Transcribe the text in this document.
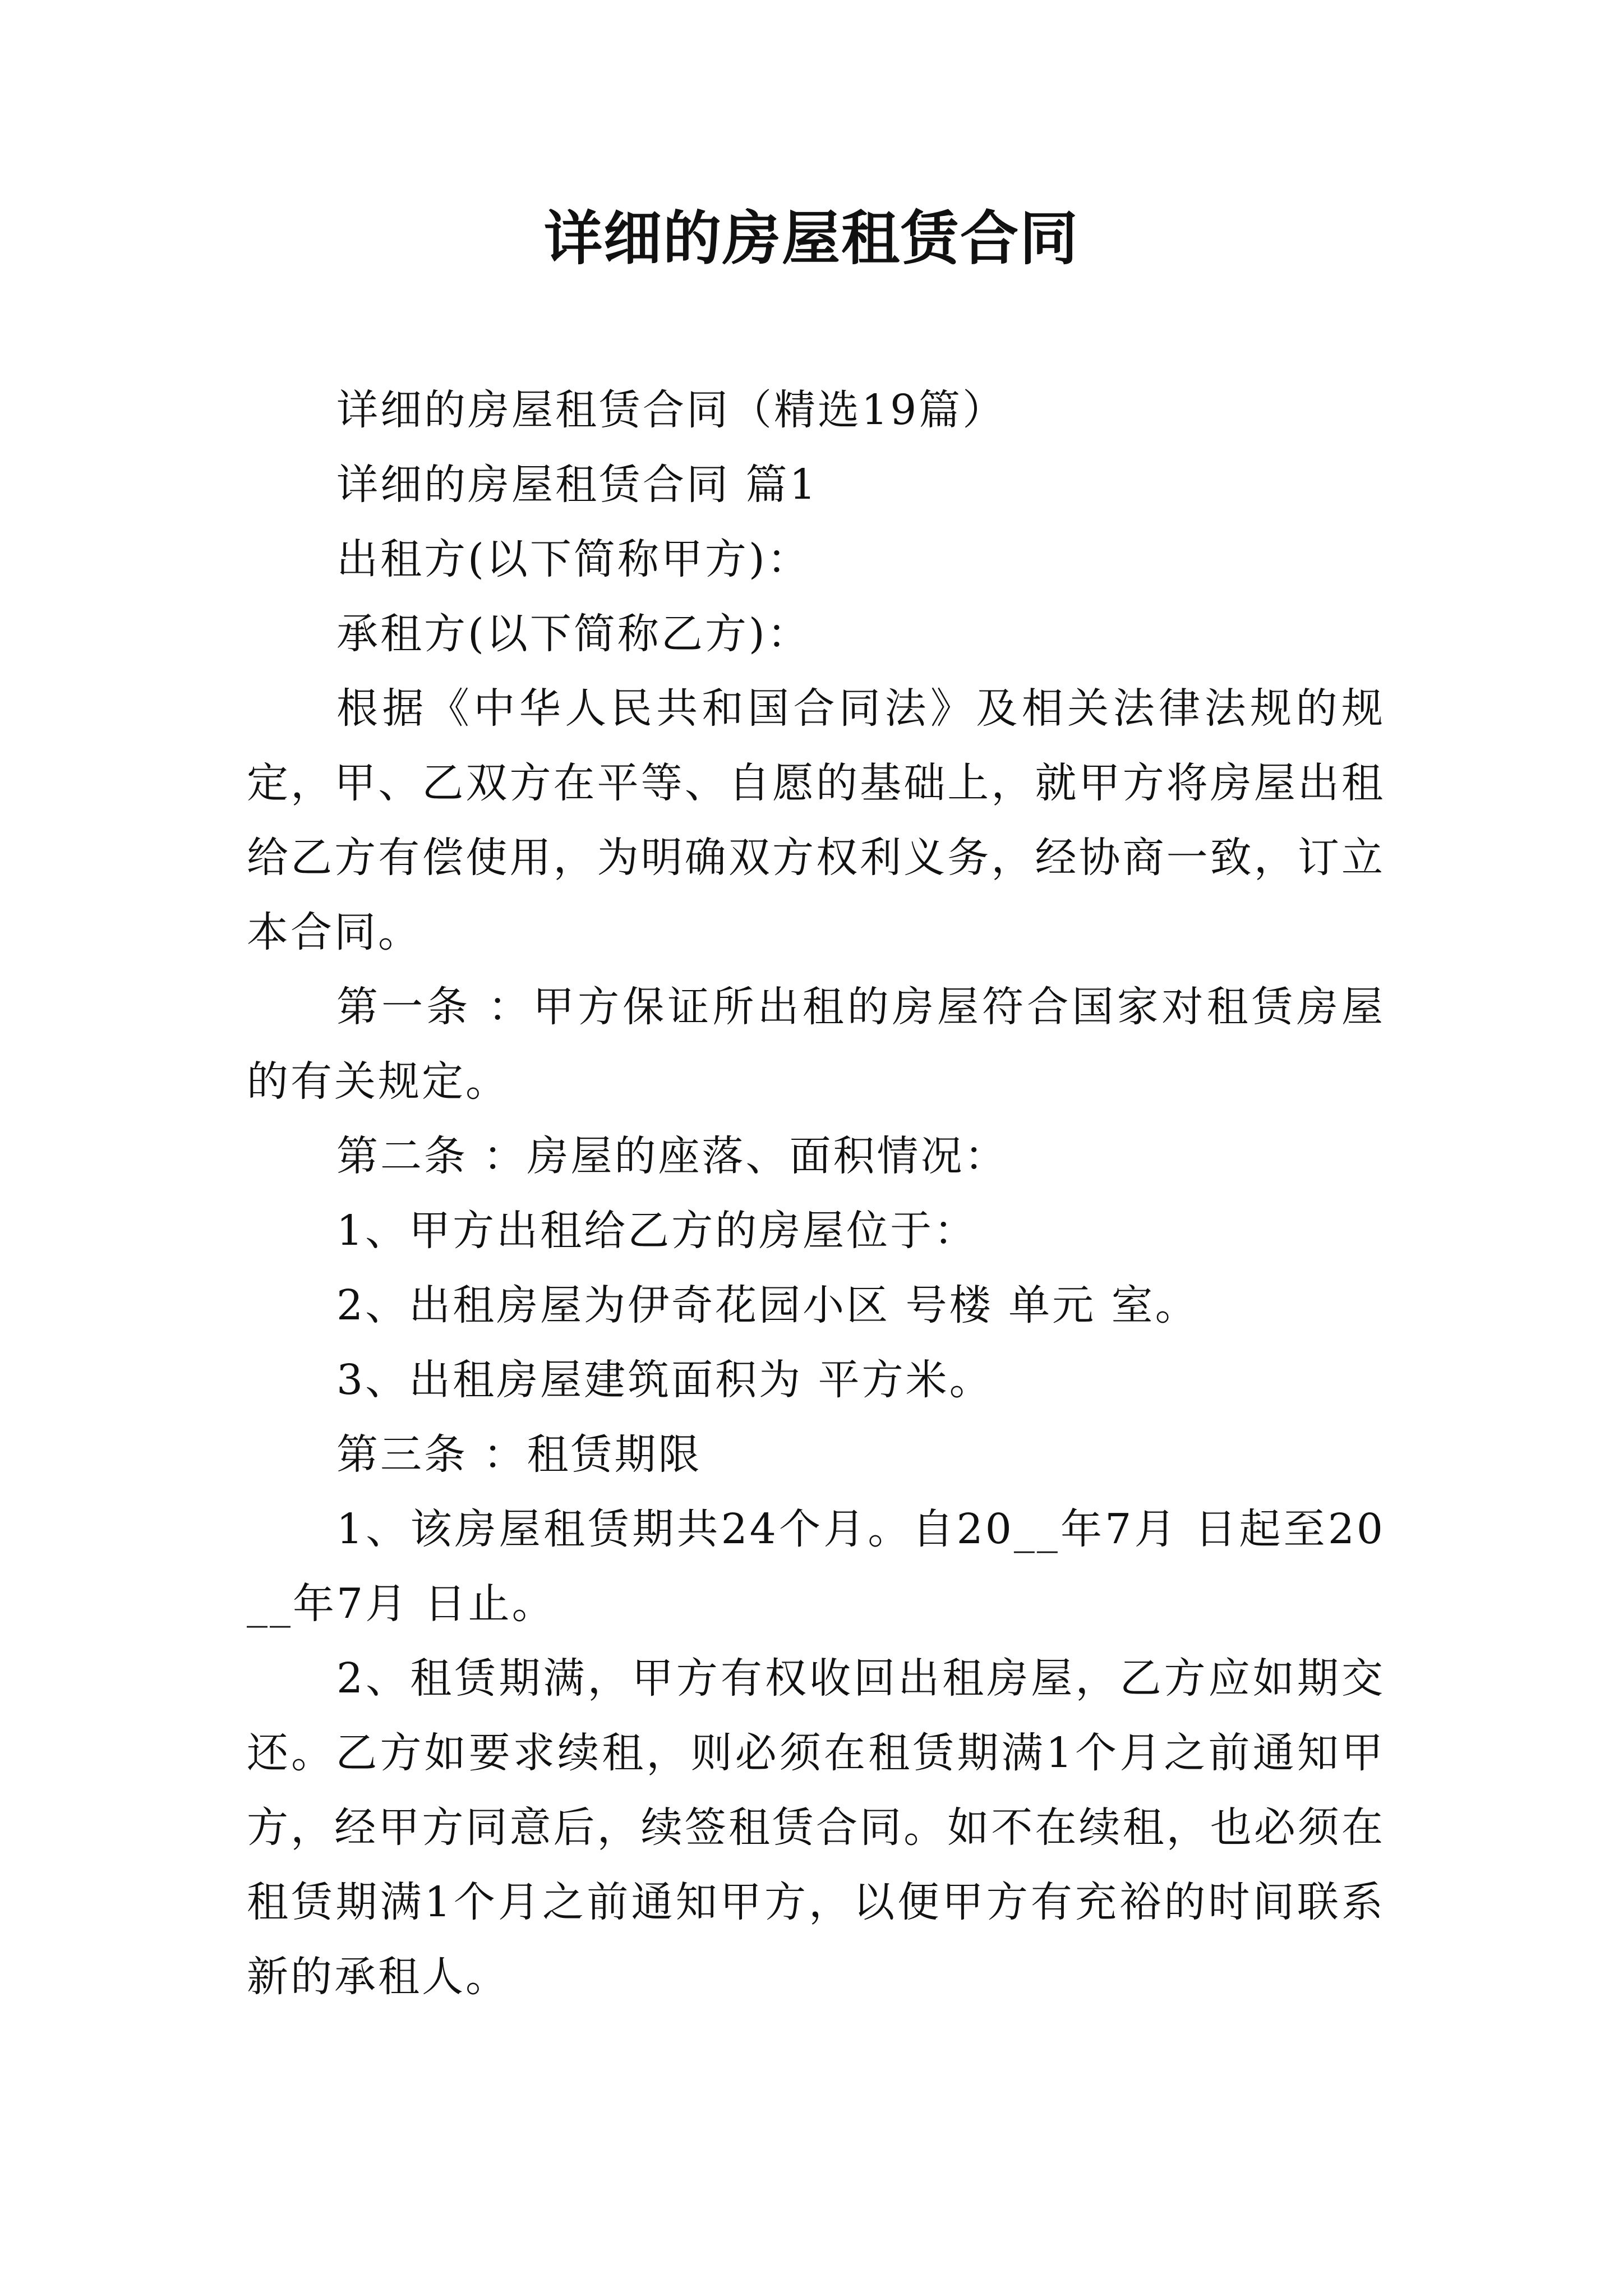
详细的房屋租赁合同

详细的房屋租赁合同（精选19篇）

详细的房屋租赁合同 篇1

出租方(以下简称甲方)：

承租方(以下简称乙方)：

根据《中华人民共和国合同法》及相关法律法规的规定，甲、乙双方在平等、自愿的基础上，就甲方将房屋出租给乙方有偿使用，为明确双方权利义务，经协商一致，订立本合同。

第一条 ：甲方保证所出租的房屋符合国家对租赁房屋的有关规定。

第二条 ：房屋的座落、面积情况：

1、甲方出租给乙方的房屋位于：

2、出租房屋为伊奇花园小区 号楼 单元 室。

3、出租房屋建筑面积为 平方米。

第三条 ：租赁期限

1、该房屋租赁期共24个月。自20__年7月 日起至20__年7月 日止。

2、租赁期满，甲方有权收回出租房屋，乙方应如期交还。乙方如要求续租，则必须在租赁期满1个月之前通知甲方，经甲方同意后，续签租赁合同。如不在续租，也必须在租赁期满1个月之前通知甲方，以便甲方有充裕的时间联系新的承租人。
